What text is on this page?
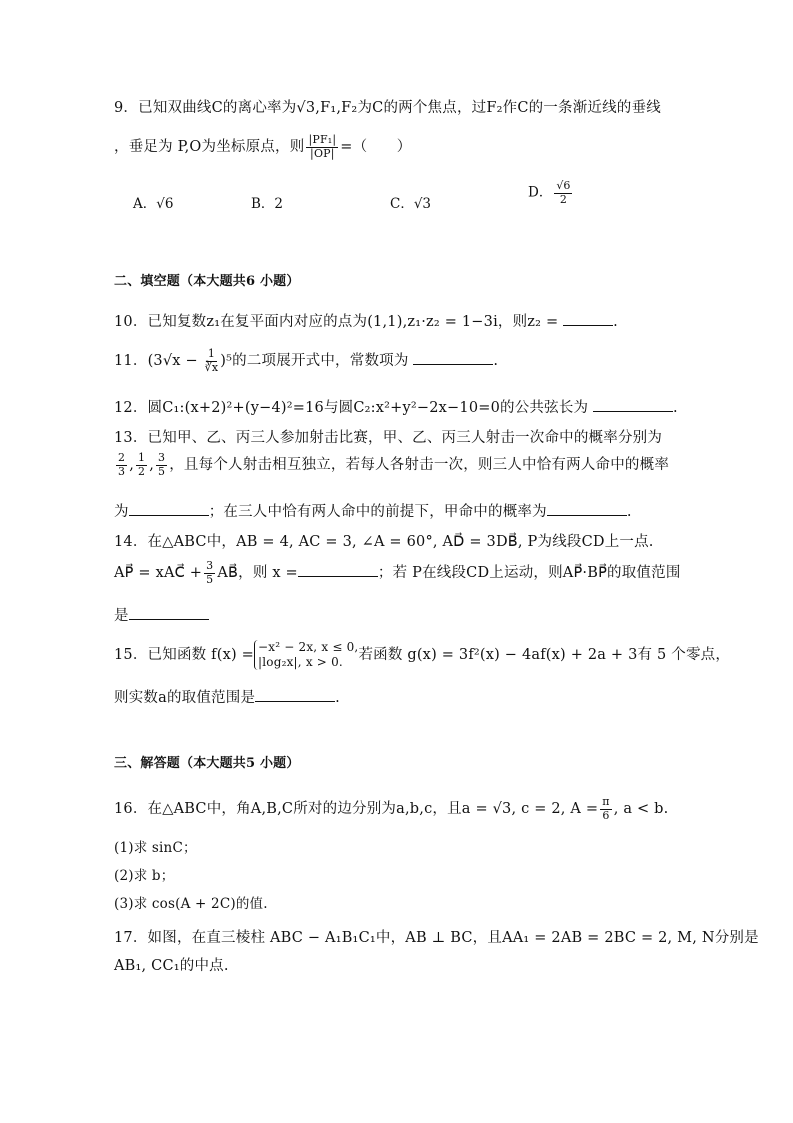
9．已知双曲线C的离心率为√3,F₁,F₂为C的两个焦点，过F₂作C的一条渐近线的垂线
，垂足为 P,O为坐标原点，则 $\frac{\text{|PF₁|}}{|OP|}$ =（　　）
A．√6	B．2	C．√3
D． $\frac{√6}{2}$
二、填空题（本大题共6 小题）
10．已知复数z₁在复平面内对应的点为(1,1),z₁·z₂ = 1−3i，则z₂ =	.
11．$(3√x - \frac{1}{∛x} )^5$的二项展开式中，常数项为	.
12．圆C₁:(x+2)²+(y−4)²=16与圆C₂:x²+y²−2x−10=0的公共弦长为	.
13．已知甲、乙、丙三人参加射击比赛，甲、乙、丙三人射击一次命中的概率分别为
$\frac{2}{3}$ , $\frac{1}{2}$ , $\frac{3}{5}$ ，且每个人射击相互独立，若每人各射击一次，则三人中恰有两人命中的概率
为	；在三人中恰有两人命中的前提下，甲命中的概率为	.
14．在△ABC中，AB = 4, AC = 3, ∠A = 60°, AD⃗ = 3DB⃗, P为线段CD上一点.
AP⃗ = xAC⃗ + $\frac{3}{5}$ AB⃗，则 x =	；若 P在线段CD上运动，则AP⃗·BP⃗的取值范围
是
15．已知函数 f(x) = −x² − 2x, x ≤ 0,
|log₂x|, x > 0.	若函数 g(x) = 3f²(x) − 4af(x) + 2a + 3有 5 个零点，
则实数a的取值范围是	.
三、解答题（本大题共5 小题）
16．在△ABC中，角A,B,C所对的边分别为a,b,c，且a = √3, c = 2, $A = \frac{\pi}{6}$ , a < b.
(1)求 sinC；
(2)求 b；
(3)求 cos(A + 2C)的值.
17．如图，在直三棱柱 ABC − A₁B₁C₁中，AB ⊥ BC，且AA₁ = 2AB = 2BC = 2, M, N分别是
AB₁, CC₁的中点.
